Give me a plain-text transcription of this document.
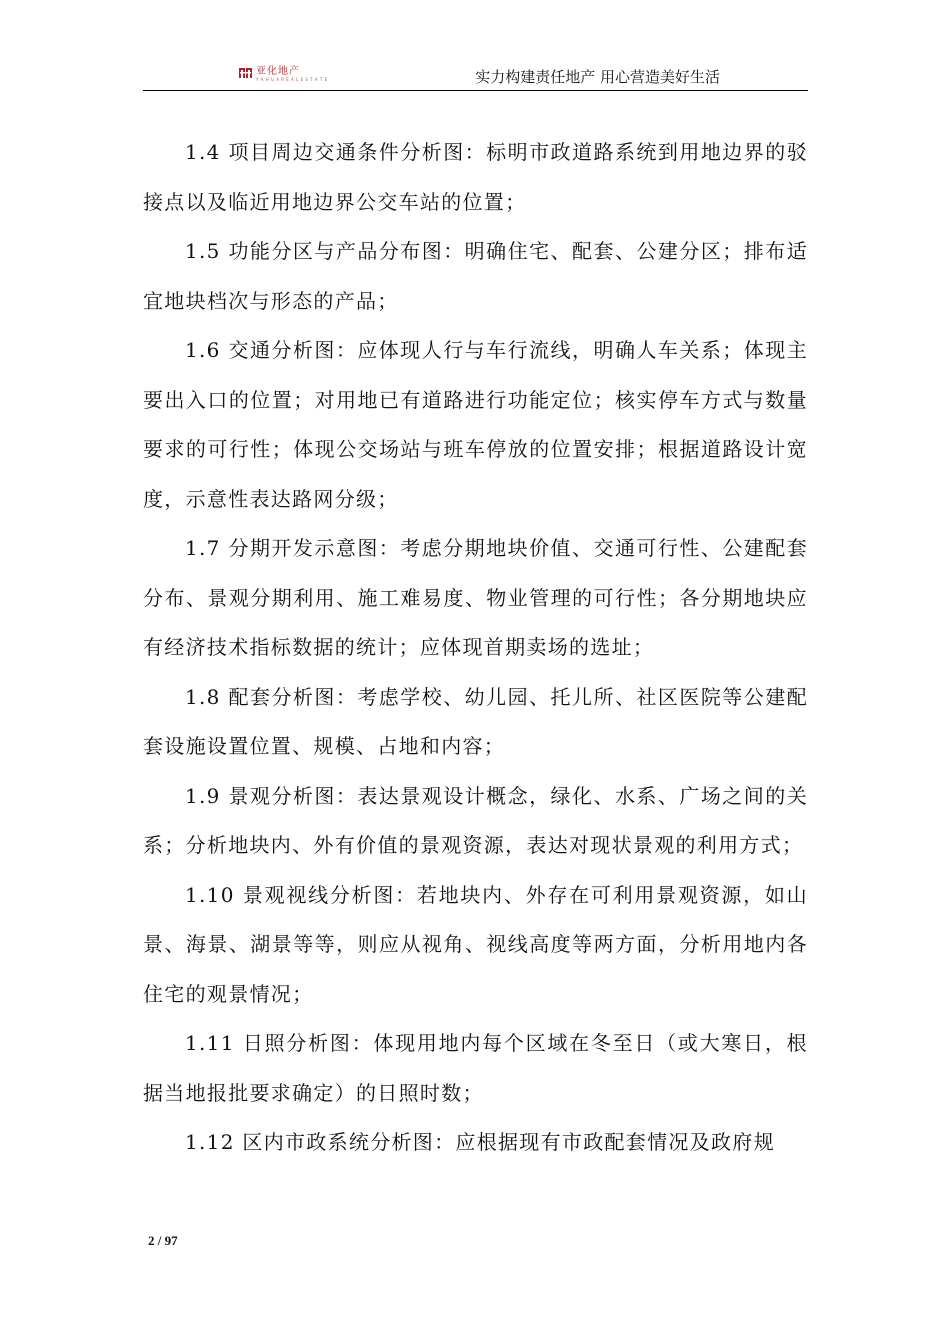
亚化地产
Y A H U A R E A L E S T A T E	实力构建责任地产 用心营造美好生活

1.4 项目周边交通条件分析图：标明市政道路系统到用地边界的驳接点以及临近用地边界公交车站的位置；

1.5 功能分区与产品分布图：明确住宅、配套、公建分区；排布适宜地块档次与形态的产品；

1.6 交通分析图：应体现人行与车行流线，明确人车关系；体现主要出入口的位置；对用地已有道路进行功能定位；核实停车方式与数量要求的可行性；体现公交场站与班车停放的位置安排；根据道路设计宽度，示意性表达路网分级；

1.7 分期开发示意图：考虑分期地块价值、交通可行性、公建配套分布、景观分期利用、施工难易度、物业管理的可行性；各分期地块应有经济技术指标数据的统计；应体现首期卖场的选址；

1.8 配套分析图：考虑学校、幼儿园、托儿所、社区医院等公建配套设施设置位置、规模、占地和内容；

1.9 景观分析图：表达景观设计概念，绿化、水系、广场之间的关系；分析地块内、外有价值的景观资源，表达对现状景观的利用方式；

1.10 景观视线分析图：若地块内、外存在可利用景观资源，如山景、海景、湖景等等，则应从视角、视线高度等两方面，分析用地内各住宅的观景情况；

1.11 日照分析图：体现用地内每个区域在冬至日（或大寒日，根据当地报批要求确定）的日照时数；

1.12 区内市政系统分析图：应根据现有市政配套情况及政府规

2 / 97
